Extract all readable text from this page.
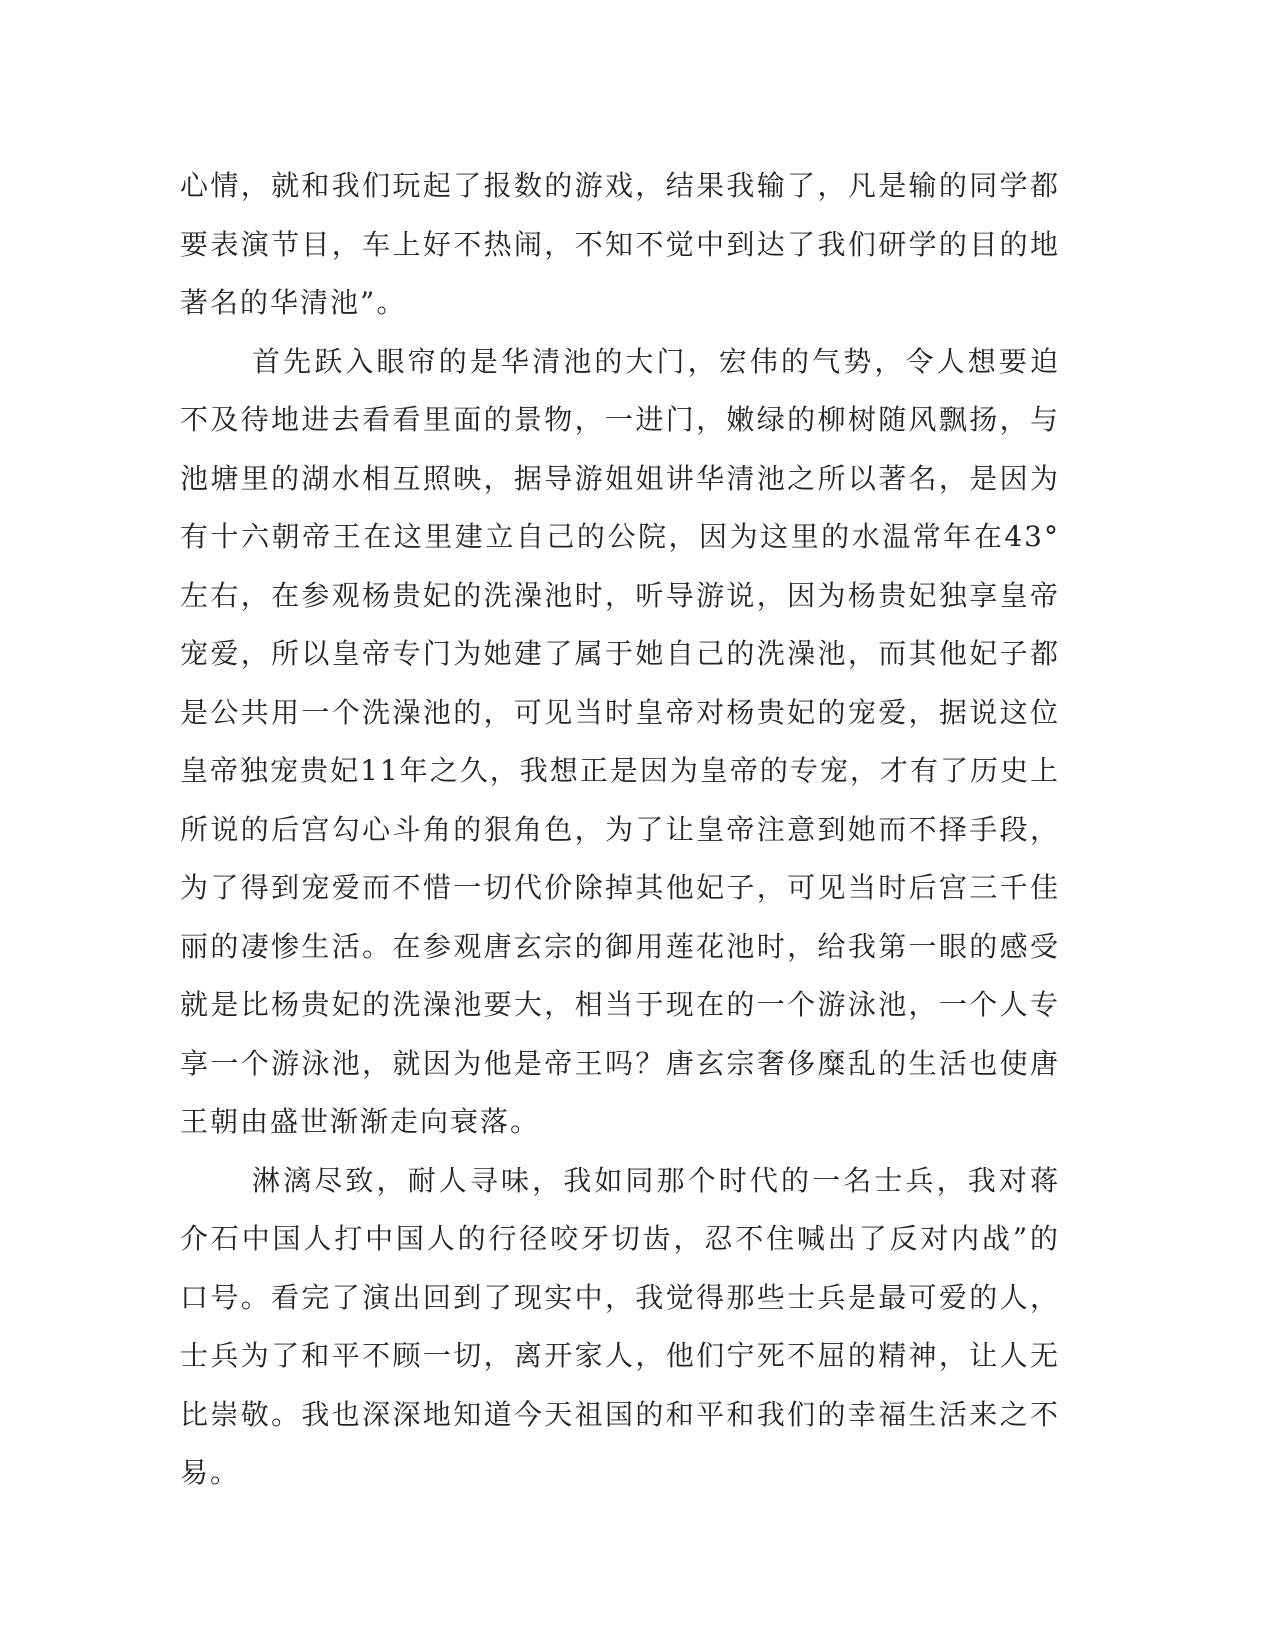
心情，就和我们玩起了报数的游戏，结果我输了，凡是输的同学都要表演节目，车上好不热闹，不知不觉中到达了我们研学的目的地著名的华清池”。

首先跃入眼帘的是华清池的大门，宏伟的气势，令人想要迫不及待地进去看看里面的景物，一进门，嫩绿的柳树随风飘扬，与池塘里的湖水相互照映，据导游姐姐讲华清池之所以著名，是因为有十六朝帝王在这里建立自己的公院，因为这里的水温常年在43°左右，在参观杨贵妃的洗澡池时，听导游说，因为杨贵妃独享皇帝宠爱，所以皇帝专门为她建了属于她自己的洗澡池，而其他妃子都是公共用一个洗澡池的，可见当时皇帝对杨贵妃的宠爱，据说这位皇帝独宠贵妃11年之久，我想正是因为皇帝的专宠，才有了历史上所说的后宫勾心斗角的狠角色，为了让皇帝注意到她而不择手段，为了得到宠爱而不惜一切代价除掉其他妃子，可见当时后宫三千佳丽的凄惨生活。在参观唐玄宗的御用莲花池时，给我第一眼的感受就是比杨贵妃的洗澡池要大，相当于现在的一个游泳池，一个人专享一个游泳池，就因为他是帝王吗？唐玄宗奢侈糜乱的生活也使唐王朝由盛世渐渐走向衰落。

淋漓尽致，耐人寻味，我如同那个时代的一名士兵，我对蒋介石中国人打中国人的行径咬牙切齿，忍不住喊出了反对内战”的口号。看完了演出回到了现实中，我觉得那些士兵是最可爱的人，士兵为了和平不顾一切，离开家人，他们宁死不屈的精神，让人无比崇敬。我也深深地知道今天祖国的和平和我们的幸福生活来之不易。
